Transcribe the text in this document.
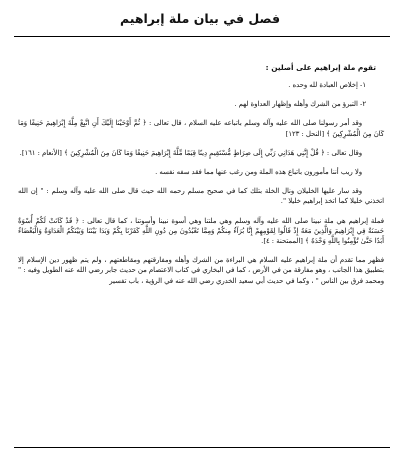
فصل في بيان ملة إبراهيم
تقوم ملة إبراهيم على أصلين :
١- إخلاص العبادة لله وحده .
٢- التبرؤ من الشرك وأهله وإظهار العداوة لهم .
وقد أمر رسولنا صلى الله عليه وآله وسلم باتباعه عليه السلام ، قال تعالى : ﴿ ثُمَّ أَوْحَيْنَا إِلَيْكَ أَنِ اتَّبِعْ مِلَّةَ إِبْرَاهِيمَ حَنِيفًا وَمَا كَانَ مِنَ الْمُشْرِكِينَ ﴾ [النحل : ١٢٣]
وقال تعالى : ﴿ قُلْ إِنَّنِي هَدَانِي رَبِّي إِلَى صِرَاطٍ مُّسْتَقِيمٍ دِينًا قِيَمًا مِّلَّةَ إِبْرَاهِيمَ حَنِيفًا وَمَا كَانَ مِنَ الْمُشْرِكِينَ ﴾ [الأنعام : ١٦١].
ولا ريب أننا مأمورون باتباع هذه الملة ومن رغب عنها مما فقد سفه نفسه .
وقد سار عليها الخليلان ونال الخلة بتلك كما في صحيح مسلم رحمه الله حيث قال صلى الله عليه وآله وسلم : " إن الله اتخذني خليلا كما اتخذ إبراهيم خليلا ".
فملة إبراهيم هي ملة نبينا صلى الله عليه وآله وسلم وهي ملتنا وهي أسوة نبينا وأسوتنا ، كما قال تعالى : ﴿ قَدْ كَانَتْ لَكُمْ أُسْوَةٌ حَسَنَةٌ فِي إِبْرَاهِيمَ وَالَّذِينَ مَعَهُ إِذْ قَالُوا لِقَوْمِهِمْ إِنَّا بُرَآءُ مِنكُمْ وَمِمَّا تَعْبُدُونَ مِن دُونِ اللَّهِ كَفَرْنَا بِكُمْ وَبَدَا بَيْنَنَا وَبَيْنَكُمُ الْعَدَاوَةُ وَالْبَغْضَاءُ أَبَدًا حَتَّىٰ تُؤْمِنُوا بِاللَّهِ وَحْدَهُ ﴾ [الممتحنة : ٤].
فظهر مما تقدم أن ملة إبراهيم عليه السلام هي البراءة من الشرك وأهله ومفارقتهم ومقاطعتهم ، ولم يتم ظهور دين الإسلام إلا بتطبيق هذا الجانب ، وهو مفارقة من في الأرض ، كما في البخاري في كتاب الاعتصام من حديث جابر رضي الله عنه الطويل وفيه : " ومحمد فرق بين الناس " ، وكما في حديث أبي سعيد الخدري رضي الله عنه في الرؤية ، باب تفسير
